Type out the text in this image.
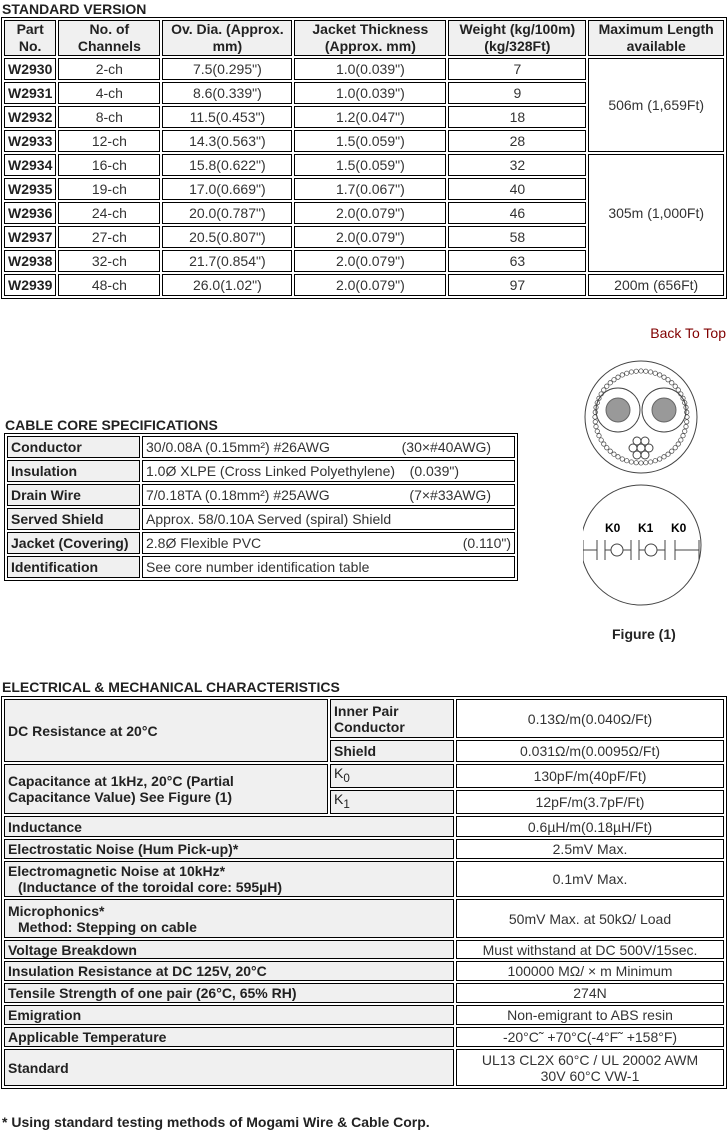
STANDARD VERSION
Part No.	No. of Channels	Ov. Dia. (Approx. mm)	Jacket Thickness (Approx. mm)	Weight (kg/100m) (kg/328Ft)	Maximum Length available
W2930	2-ch	7.5(0.295")	1.0(0.039")	7	506m (1,659Ft)
W2931	4-ch	8.6(0.339")	1.0(0.039")	9	
W2932	8-ch	11.5(0.453")	1.2(0.047")	18	
W2933	12-ch	14.3(0.563")	1.5(0.059")	28	
W2934	16-ch	15.8(0.622")	1.5(0.059")	32	305m (1,000Ft)
W2935	19-ch	17.0(0.669")	1.7(0.067")	40	
W2936	24-ch	20.0(0.787")	2.0(0.079")	46	
W2937	27-ch	20.5(0.807")	2.0(0.079")	58	
W2938	32-ch	21.7(0.854")	2.0(0.079")	63	
W2939	48-ch	26.0(1.02")	2.0(0.079")	97	200m (656Ft)
Back To Top
K0 K1 K0
Figure (1)
CABLE CORE SPECIFICATIONS
Conductor	30/0.08A (0.15mm²) #26AWG (30×#40AWG)

Insulation	1.0Ø XLPE (Cross Linked Polyethylene) (0.039")

Drain Wire	7/0.18TA (0.18mm²) #25AWG (7×#33AWG)

Served Shield	Approx. 58/0.10A Served (spiral) Shield

Jacket (Covering)	2.8Ø Flexible PVC (0.110")

Identification	See core number identification table
ELECTRICAL & MECHANICAL CHARACTERISTICS
DC Resistance at 20°C	Inner Pair Conductor	0.13Ω/m(0.040Ω/Ft)
	Shield	0.031Ω/m(0.0095Ω/Ft)
Capacitance at 1kHz, 20°C (Partial Capacitance Value) See Figure (1)	$K_0$	130pF/m(40pF/Ft)
	$K_1$	12pF/m(3.7pF/Ft)
Inductance		0.6µH/m(0.18µH/Ft)
Electrostatic Noise (Hum Pick-up)*		2.5mV Max.
Electromagnetic Noise at 10kHz*
(Inductance of the toroidal core: 595µH)		0.1mV Max.
Microphonics*
Method: Stepping on cable		50mV Max. at 50kΩ/ Load
Voltage Breakdown		Must withstand at DC 500V/15sec.
Insulation Resistance at DC 125V, 20°C		100000 MΩ/ × m Minimum
Tensile Strength of one pair (26°C, 65% RH)		274N
Emigration		Non-emigrant to ABS resin
Applicable Temperature		-20°C˜ +70°C(-4°F˜ +158°F)
Standard		UL13 CL2X 60°C / UL 20002 AWM 30V 60°C VW-1
* Using standard testing methods of Mogami Wire & Cable Corp.
